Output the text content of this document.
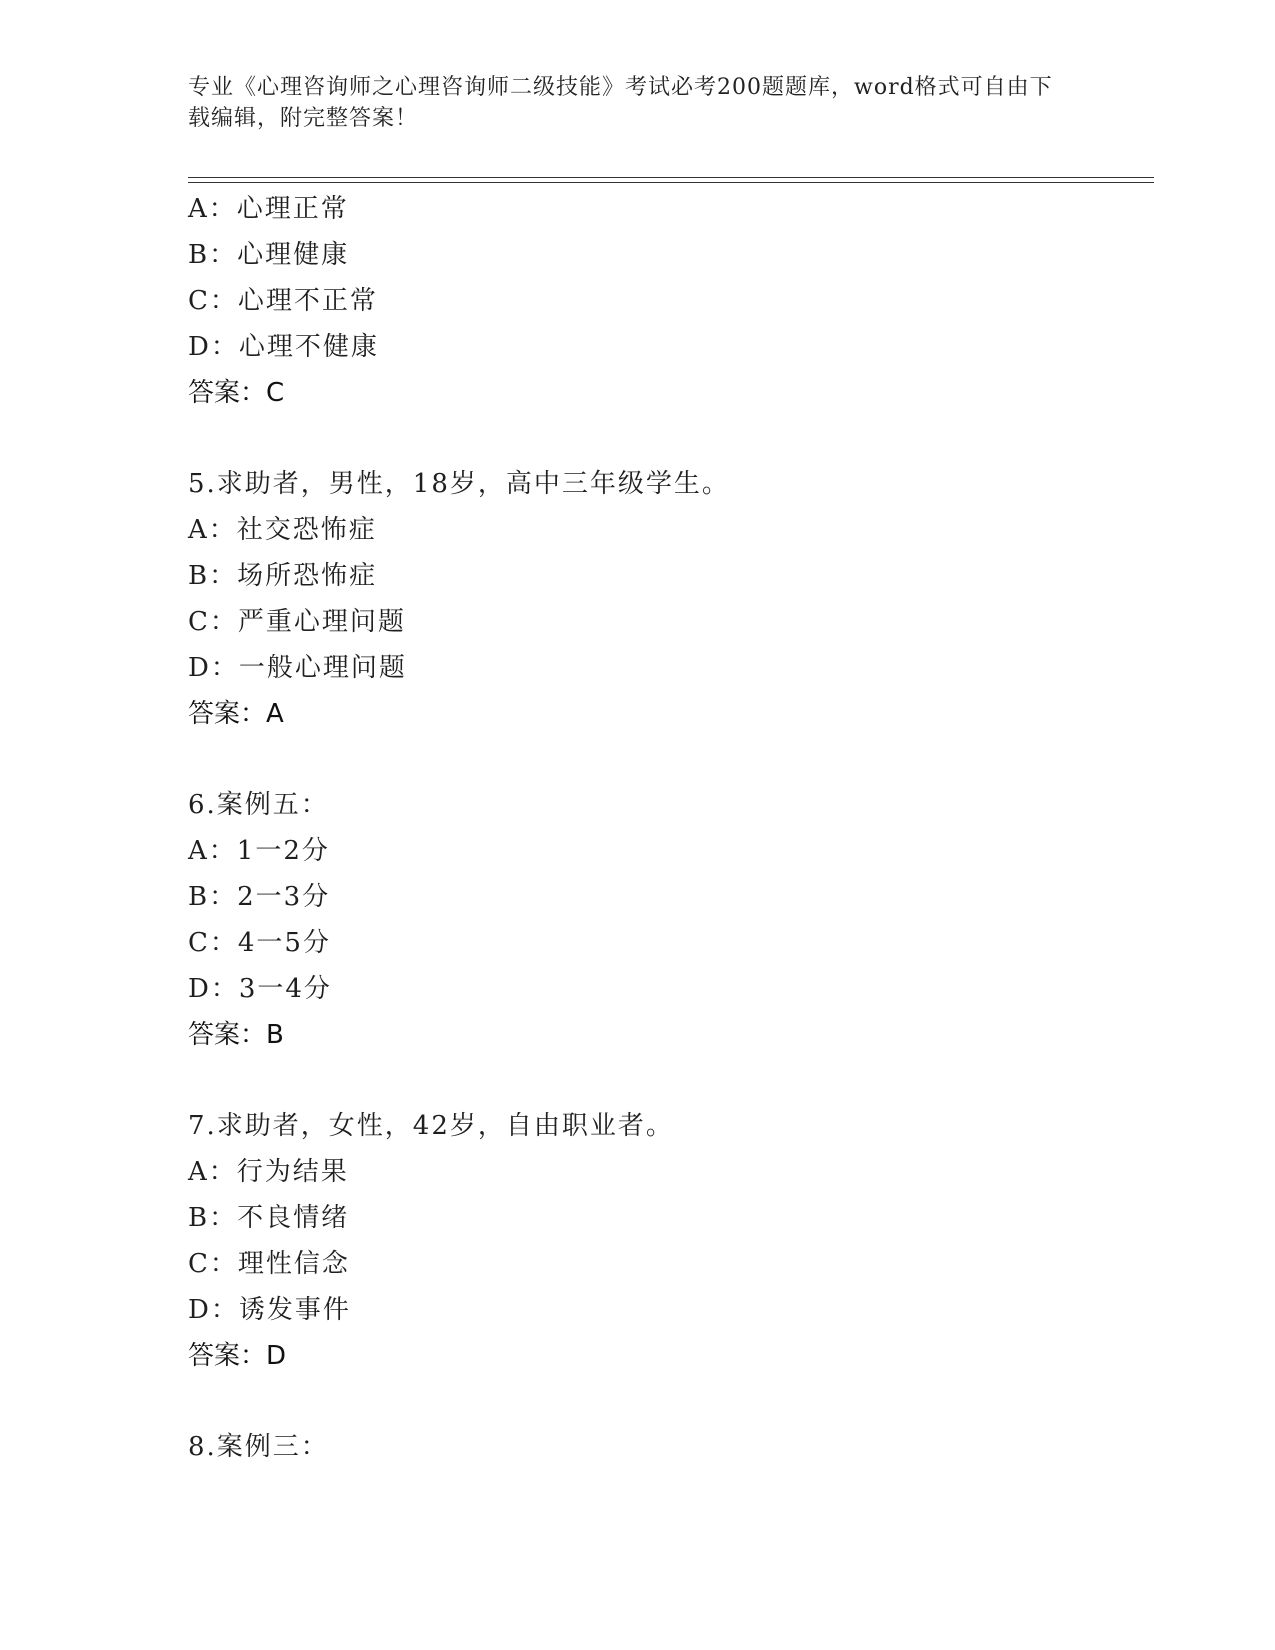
专业《心理咨询师之心理咨询师二级技能》考试必考200题题库，word格式可自由下载编辑，附完整答案！
A：心理正常
B：心理健康
C：心理不正常
D：心理不健康
答案：C
5.求助者，男性，18岁，高中三年级学生。
A：社交恐怖症
B：场所恐怖症
C：严重心理问题
D：一般心理问题
答案：A
6.案例五：
A：1一2分
B：2一3分
C：4一5分
D：3一4分
答案：B
7.求助者，女性，42岁，自由职业者。
A：行为结果
B：不良情绪
C：理性信念
D：诱发事件
答案：D
8.案例三：
